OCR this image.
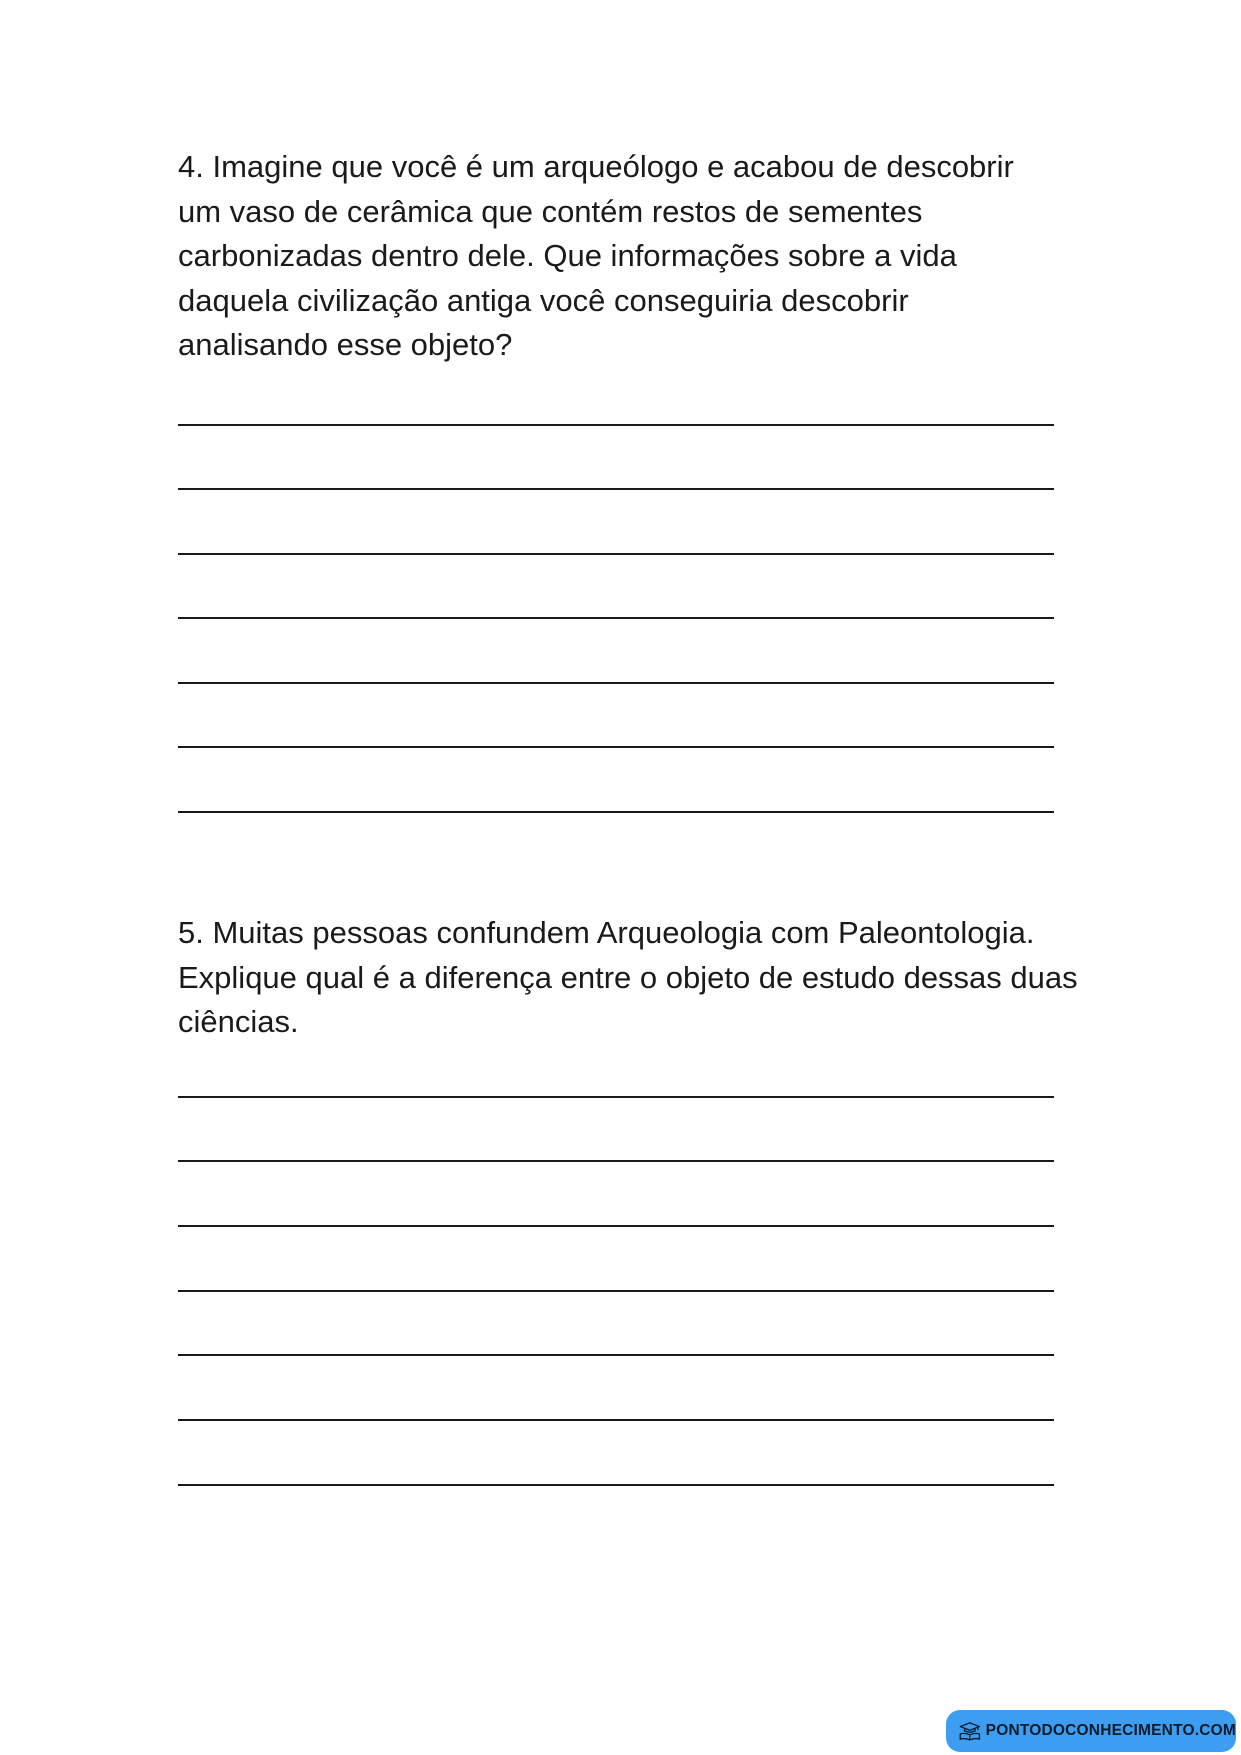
4. Imagine que você é um arqueólogo e acabou de descobrir um vaso de cerâmica que contém restos de sementes carbonizadas dentro dele. Que informações sobre a vida daquela civilização antiga você conseguiria descobrir analisando esse objeto?

5. Muitas pessoas confundem Arqueologia com Paleontologia. Explique qual é a diferença entre o objeto de estudo dessas duas ciências.

PONTODOCONHECIMENTO.COM
